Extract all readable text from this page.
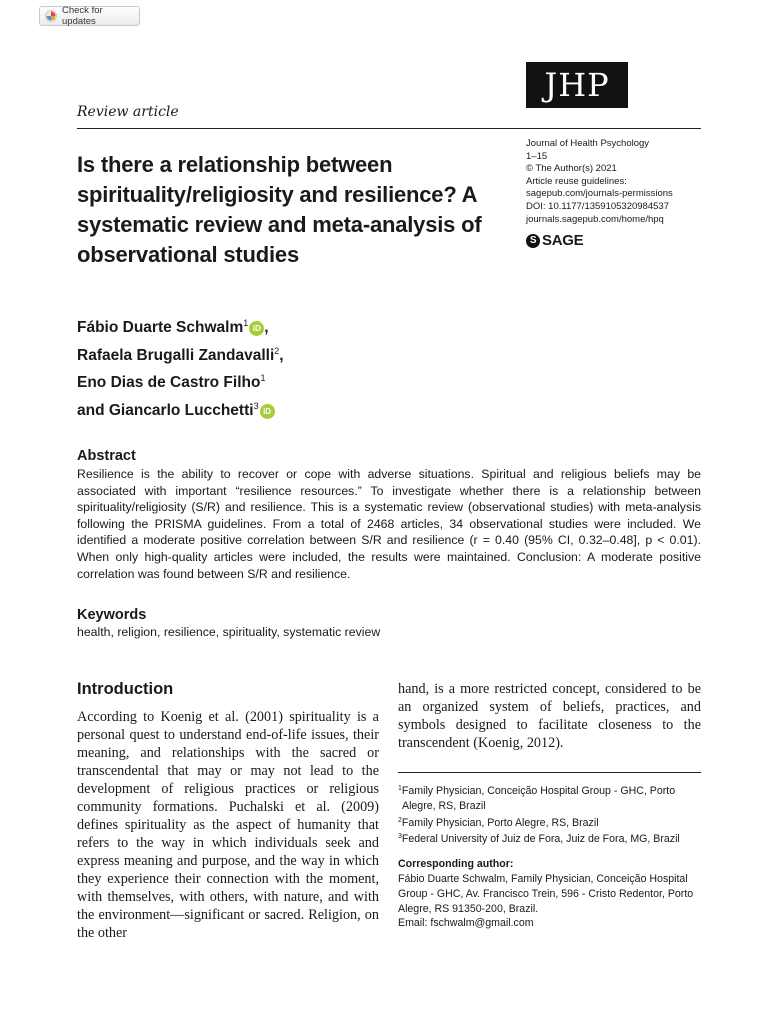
Check for updates
JHP
Review article
Is there a relationship between spirituality/religiosity and resilience? A systematic review and meta-analysis of observational studies
Journal of Health Psychology
1–15
© The Author(s) 2021
Article reuse guidelines:
sagepub.com/journals-permissions
DOI: 10.1177/1359105320984537
journals.sagepub.com/home/hpq
S SAGE
Fábio Duarte Schwalm$^1$iD ,
Rafaela Brugalli Zandavalli$^2$,
Eno Dias de Castro Filho$^1$
and Giancarlo Lucchetti$^3$iD
Abstract

Resilience is the ability to recover or cope with adverse situations. Spiritual and religious beliefs may be associated with important “resilience resources.” To investigate whether there is a relationship between spirituality/religiosity (S/R) and resilience. This is a systematic review (observational studies) with meta-analysis following the PRISMA guidelines. From a total of 2468 articles, 34 observational studies were included. We identified a moderate positive correlation between S/R and resilience (r = 0.40 (95% CI, 0.32–0.48], p < 0.01). When only high-quality articles were included, the results were maintained. Conclusion: A moderate positive correlation was found between S/R and resilience.

Keywords
health, religion, resilience, spirituality, systematic review
Introduction

According to Koenig et al. (2001) spirituality is a personal quest to understand end-of-life issues, their meaning, and relationships with the sacred or transcendental that may or may not lead to the development of religious practices or religious community formations. Puchalski et al. (2009) defines spirituality as the aspect of humanity that refers to the way in which individuals seek and express meaning and purpose, and the way in which they experience their connection with the moment, with themselves, with others, with nature, and with the environment—significant or sacred. Religion, on the other

hand, is a more restricted concept, considered to be an organized system of beliefs, practices, and symbols designed to facilitate closeness to the transcendent (Koenig, 2012).

$^1$Family Physician, Conceição Hospital Group - GHC, Porto Alegre, RS, Brazil
$^2$Family Physician, Porto Alegre, RS, Brazil
$^3$Federal University of Juiz de Fora, Juiz de Fora, MG, Brazil
Corresponding author:
Fábio Duarte Schwalm, Family Physician, Conceição Hospital Group - GHC, Av. Francisco Trein, 596 - Cristo Redentor, Porto Alegre, RS 91350-200, Brazil.
Email: fschwalm@gmail.com
